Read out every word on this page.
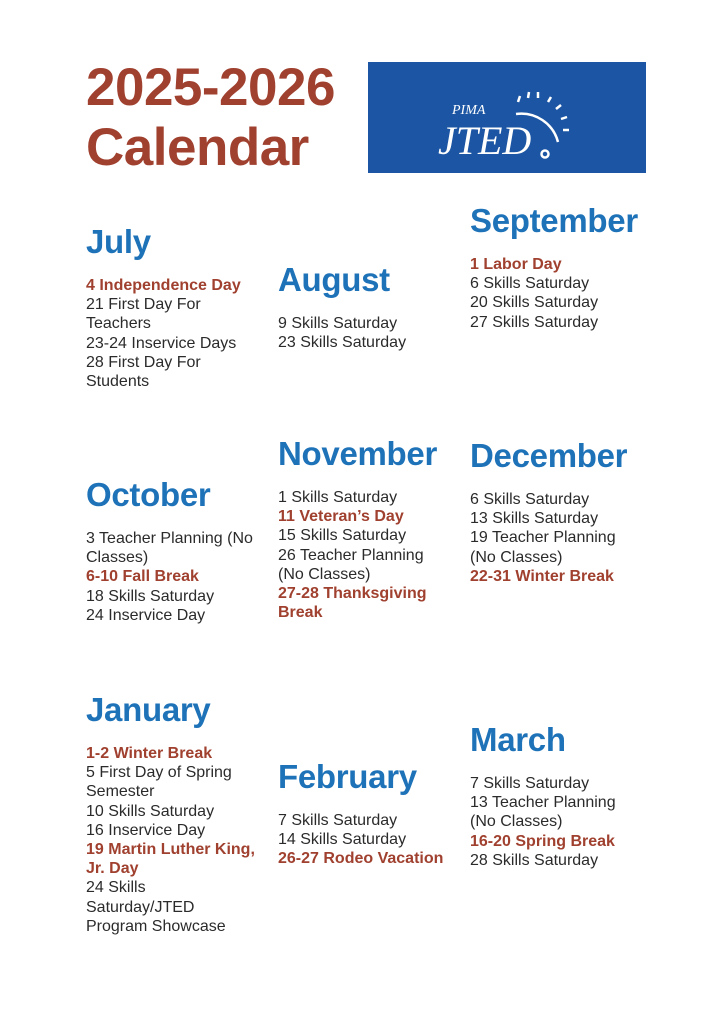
2025-2026
Calendar
PIMA
JTED
July
4 Independence Day
21 First Day For Teachers
23-24 Inservice Days
28 First Day For Students
August
9 Skills Saturday
23 Skills Saturday
September
1 Labor Day
6 Skills Saturday
20 Skills Saturday
27 Skills Saturday
October
3 Teacher Planning (No Classes)
6-10 Fall Break
18 Skills Saturday
24 Inservice Day
November
1 Skills Saturday
11 Veteran’s Day
15 Skills Saturday
26 Teacher Planning (No Classes)
27-28 Thanksgiving Break
December
6 Skills Saturday
13 Skills Saturday
19 Teacher Planning (No Classes)
22-31 Winter Break
January
1-2 Winter Break
5 First Day of Spring Semester
10 Skills Saturday
16 Inservice Day
19 Martin Luther King, Jr. Day
24 Skills Saturday/JTED Program Showcase
February
7 Skills Saturday
14 Skills Saturday
26-27 Rodeo Vacation
March
7 Skills Saturday
13 Teacher Planning (No Classes)
16-20 Spring Break
28 Skills Saturday
